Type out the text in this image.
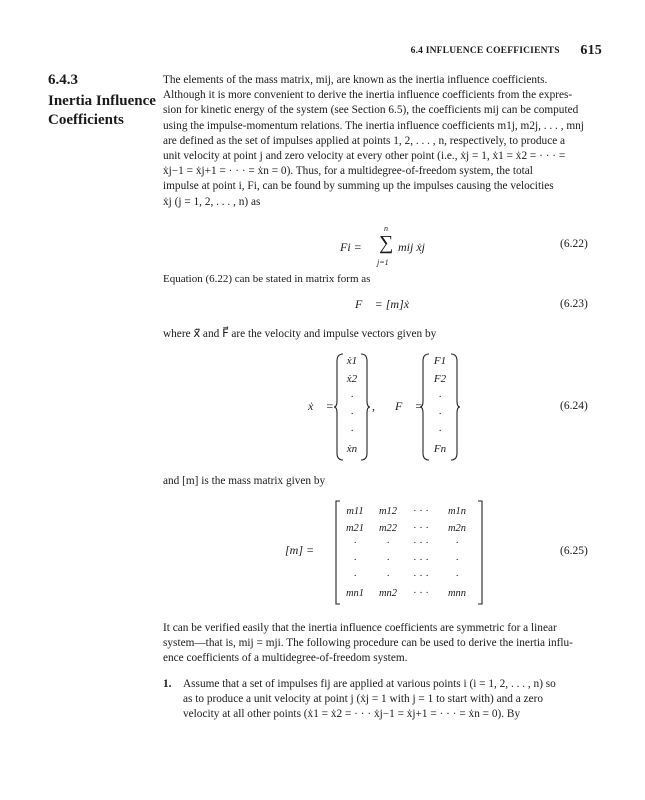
6.4 INFLUENCE COEFFICIENTS 615
6.4.3
Inertia Influence Coefficients
The elements of the mass matrix, mij, are known as the inertia influence coefficients.
Although it is more convenient to derive the inertia influence coefficients from the expres-
sion for kinetic energy of the system (see Section 6.5), the coefficients mij can be computed
using the impulse-momentum relations. The inertia influence coefficients m1j, m2j, . . . , mnj
are defined as the set of impulses applied at points 1, 2, . . . , n, respectively, to produce a
unit velocity at point j and zero velocity at every other point (i.e., ẋj = 1, ẋ1 = ẋ2 = · · · =
ẋj−1 = ẋj+1 = · · · = ẋn = 0). Thus, for a multidegree-of-freedom system, the total
impulse at point i, Fi, can be found by summing up the impulses causing the velocities
ẋj (j = 1, 2, . . . , n) as
Fi =
n
∑
j=1
mij ẋj	(6.22)
Equation (6.22) can be stated in matrix form as
F⃗ = [m]ẋ⃗	(6.23)
where ẋ⃗ and F⃗ are the velocity and impulse vectors given by
ẋ⃗ =
ẋ1
ẋ2
·
·
·
ẋn
, F⃗ =
F1
F2
·
·
·
Fn
(6.24)
and [m] is the mass matrix given by
[m] =
m11	m12	· · ·	m1n
m21	m22	· · ·	m2n
·	·	· · ·	·
·	·	· · ·	·
·	·	· · ·	·
mn1	mn2	· · ·	mnn
(6.25)
It can be verified easily that the inertia influence coefficients are symmetric for a linear
system—that is, mij = mji. The following procedure can be used to derive the inertia influ-
ence coefficients of a multidegree-of-freedom system.
1.	Assume that a set of impulses fij are applied at various points i (i = 1, 2, . . . , n) so
as to produce a unit velocity at point j (ẋj = 1 with j = 1 to start with) and a zero
velocity at all other points (ẋ1 = ẋ2 = · · · ẋj−1 = ẋj+1 = · · · = ẋn = 0). By
